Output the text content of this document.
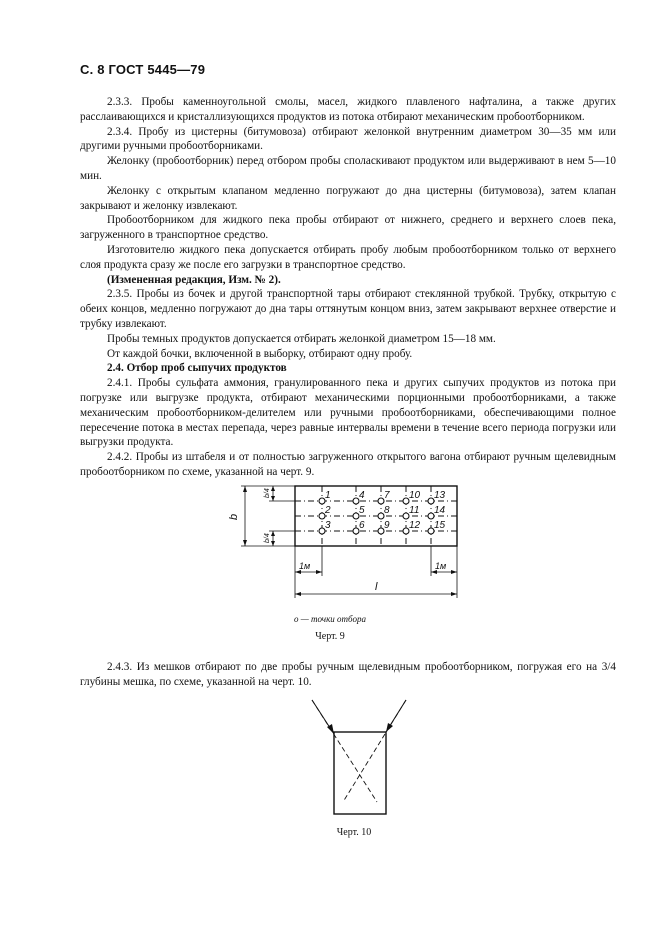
С. 8 ГОСТ 5445—79

2.3.3. Пробы каменноугольной смолы, масел, жидкого плавленого нафталина, а также других расслаивающихся и кристаллизующихся продуктов из потока отбирают механическим пробоотборником.

2.3.4. Пробу из цистерны (битумовоза) отбирают желонкой внутренним диаметром 30—35 мм или другими ручными пробоотборниками.

Желонку (пробоотборник) перед отбором пробы споласкивают продуктом или выдерживают в нем 5—10 мин.

Желонку с открытым клапаном медленно погружают до дна цистерны (битумовоза), затем клапан закрывают и желонку извлекают.

Пробоотборником для жидкого пека пробы отбирают от нижнего, среднего и верхнего слоев пека, загруженного в транспортное средство.

Изготовителю жидкого пека допускается отбирать пробу любым пробоотборником только от верхнего слоя продукта сразу же после его загрузки в транспортное средство.

(Измененная редакция, Изм. № 2).

2.3.5. Пробы из бочек и другой транспортной тары отбирают стеклянной трубкой. Трубку, открытую с обеих концов, медленно погружают до дна тары оттянутым концом вниз, затем закрывают верхнее отверстие и трубку извлекают.

Пробы темных продуктов допускается отбирать желонкой диаметром 15—18 мм.

От каждой бочки, включенной в выборку, отбирают одну пробу.

2.4. Отбор проб сыпучих продуктов

2.4.1. Пробы сульфата аммония, гранулированного пека и других сыпучих продуктов из потока при погрузке или выгрузке продукта, отбирают механическими порционными пробоотборниками, а также механическим пробоотборником-делителем или ручными пробоотборниками, обеспечивающими полное пересечение потока в местах перепада, через равные интервалы времени в течение всего периода погрузки или выгрузки продукта.

2.4.2. Пробы из штабеля и от полностью загруженного открытого вагона отбирают ручным щелевидным пробоотборником по схеме, указанной на черт. 9.

1	4 7 10 13
2	5 8 11 14
3	6 9 12 15
b
b/4
b/4
1м	1м
l
о — точки отбора
Черт. 9

2.4.3. Из мешков отбирают по две пробы ручным щелевидным пробоотборником, погружая его на 3/4 глубины мешка, по схеме, указанной на черт. 10.

Черт. 10
